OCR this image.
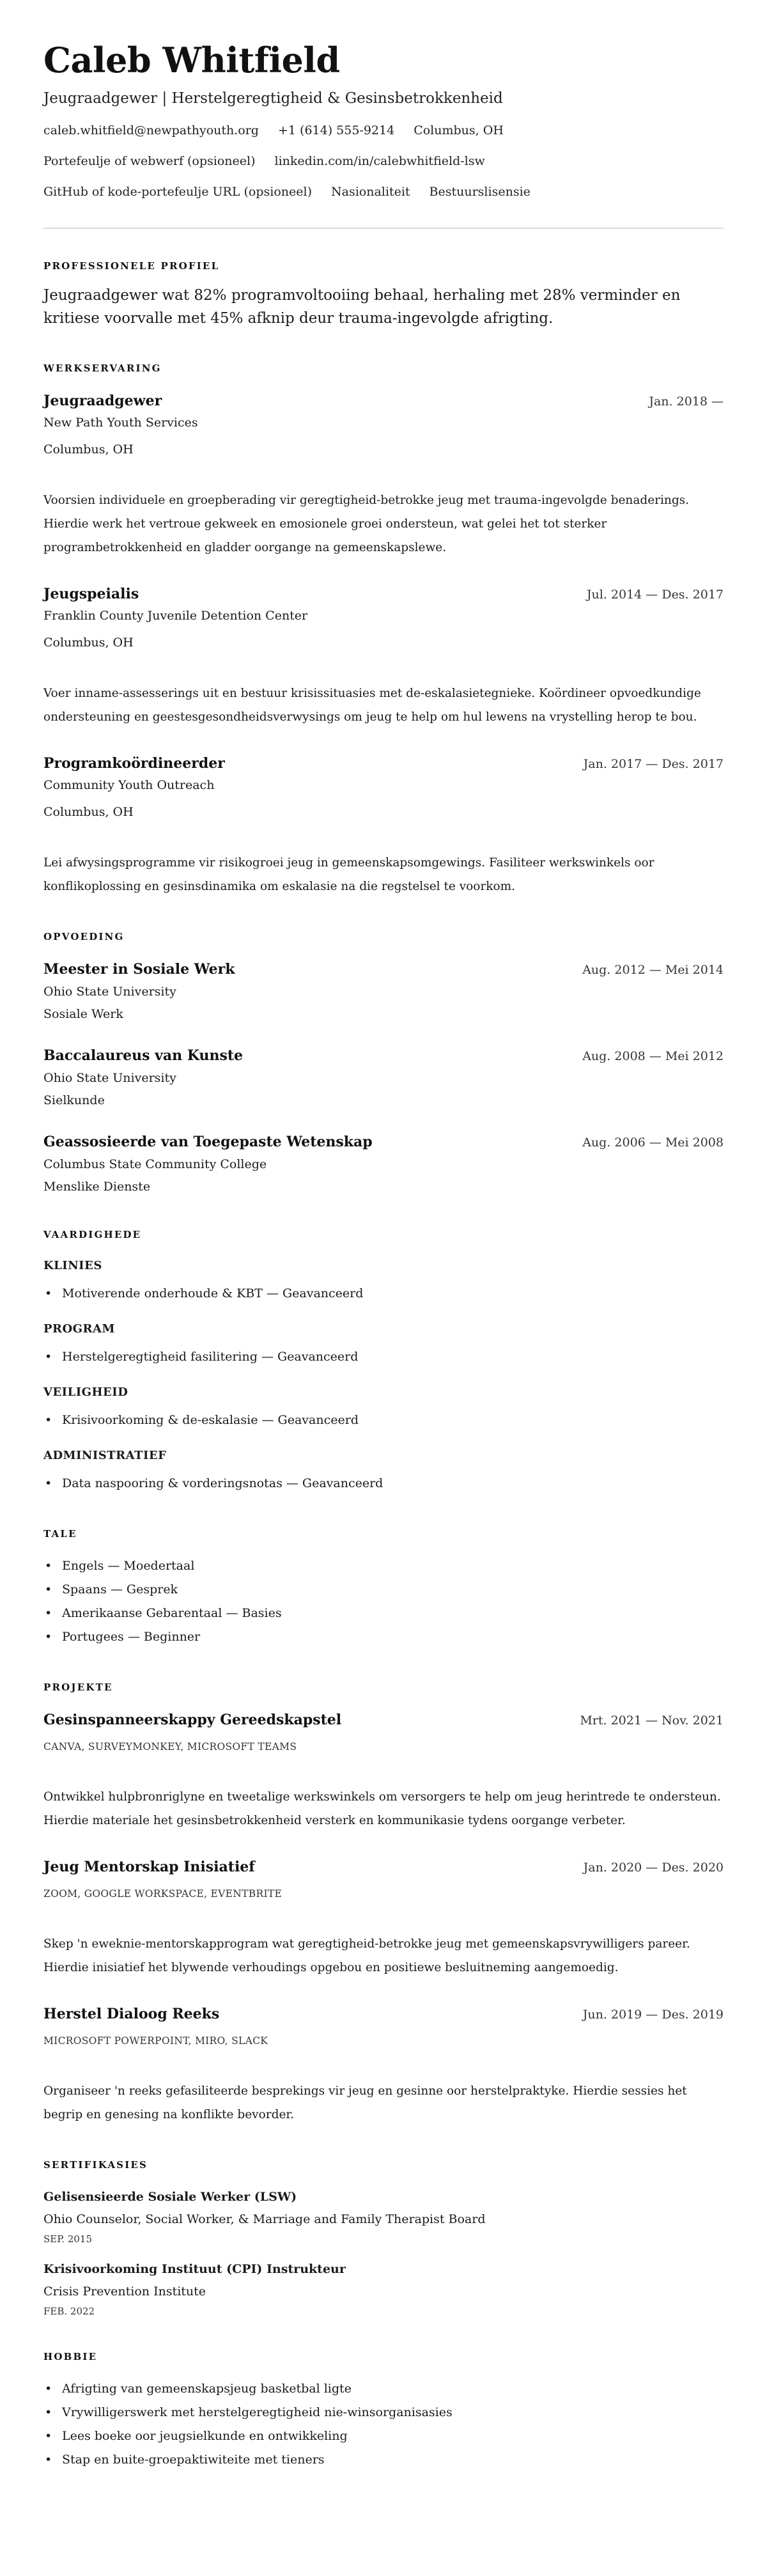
Caleb Whitfield
Jeugraadgewer | Herstelgeregtigheid & Gesinsbetrokkenheid
caleb.whitfield@newpathyouth.org +1 (614) 555-9214 Columbus, OH
Portefeulje of webwerf (opsioneel) linkedin.com/in/calebwhitfield-lsw
GitHub of kode-portefeulje URL (opsioneel) Nasionaliteit Bestuurslisensie
PROFESSIONELE PROFIEL
Jeugraadgewer wat 82% programvoltooiing behaal, herhaling met 28% verminder en kritiese voorvalle met 45% afknip deur trauma-ingevolgde afrigting.
WERKSERVARING
Jeugraadgewer	Jan. 2018 —
New Path Youth Services
Columbus, OH
Voorsien individuele en groepberading vir geregtigheid-betrokke jeug met trauma-ingevolgde benaderings. Hierdie werk het vertroue gekweek en emosionele groei ondersteun, wat gelei het tot sterker programbetrokkenheid en gladder oorgange na gemeenskapslewe.
Jeugspeialis	Jul. 2014 — Des. 2017
Franklin County Juvenile Detention Center
Columbus, OH
Voer inname-assesserings uit en bestuur krisissituasies met de-eskalasietegnieke. Koördineer opvoedkundige ondersteuning en geestesgesondheidsverwysings om jeug te help om hul lewens na vrystelling herop te bou.
Programkoördineerder	Jan. 2017 — Des. 2017
Community Youth Outreach
Columbus, OH
Lei afwysingsprogramme vir risikogroei jeug in gemeenskapsomgewings. Fasiliteer werkswinkels oor konflikoplossing en gesinsdinamika om eskalasie na die regstelsel te voorkom.
OPVOEDING
Meester in Sosiale Werk	Aug. 2012 — Mei 2014
Ohio State University
Sosiale Werk
Baccalaureus van Kunste	Aug. 2008 — Mei 2012
Ohio State University
Sielkunde
Geassosieerde van Toegepaste Wetenskap	Aug. 2006 — Mei 2008
Columbus State Community College
Menslike Dienste
VAARDIGHEDE
KLINIES
• Motiverende onderhoude & KBT — Geavanceerd
PROGRAM
• Herstelgeregtigheid fasilitering — Geavanceerd
VEILIGHEID
• Krisivoorkoming & de-eskalasie — Geavanceerd
ADMINISTRATIEF
• Data naspooring & vorderingsnotas — Geavanceerd
TALE
• Engels — Moedertaal
• Spaans — Gesprek
• Amerikaanse Gebarentaal — Basies
• Portugees — Beginner
PROJEKTE
Gesinspanneerskappy Gereedskapstel	Mrt. 2021 — Nov. 2021
CANVA, SURVEYMONKEY, MICROSOFT TEAMS
Ontwikkel hulpbronriglyne en tweetalige werkswinkels om versorgers te help om jeug herintrede te ondersteun. Hierdie materiale het gesinsbetrokkenheid versterk en kommunikasie tydens oorgange verbeter.
Jeug Mentorskap Inisiatief	Jan. 2020 — Des. 2020
ZOOM, GOOGLE WORKSPACE, EVENTBRITE
Skep 'n eweknie-mentorskapprogram wat geregtigheid-betrokke jeug met gemeenskapsvrywilligers pareer. Hierdie inisiatief het blywende verhoudings opgebou en positiewe besluitneming aangemoedig.
Herstel Dialoog Reeks	Jun. 2019 — Des. 2019
MICROSOFT POWERPOINT, MIRO, SLACK
Organiseer 'n reeks gefasiliteerde besprekings vir jeug en gesinne oor herstelpraktyke. Hierdie sessies het begrip en genesing na konflikte bevorder.
SERTIFIKASIES
Gelisensieerde Sosiale Werker (LSW)
Ohio Counselor, Social Worker, & Marriage and Family Therapist Board
SEP. 2015
Krisivoorkoming Instituut (CPI) Instrukteur
Crisis Prevention Institute
FEB. 2022
HOBBIE
• Afrigting van gemeenskapsjeug basketbal ligte
• Vrywilligerswerk met herstelgeregtigheid nie-winsorganisasies
• Lees boeke oor jeugsielkunde en ontwikkeling
• Stap en buite-groepaktiwiteite met tieners
